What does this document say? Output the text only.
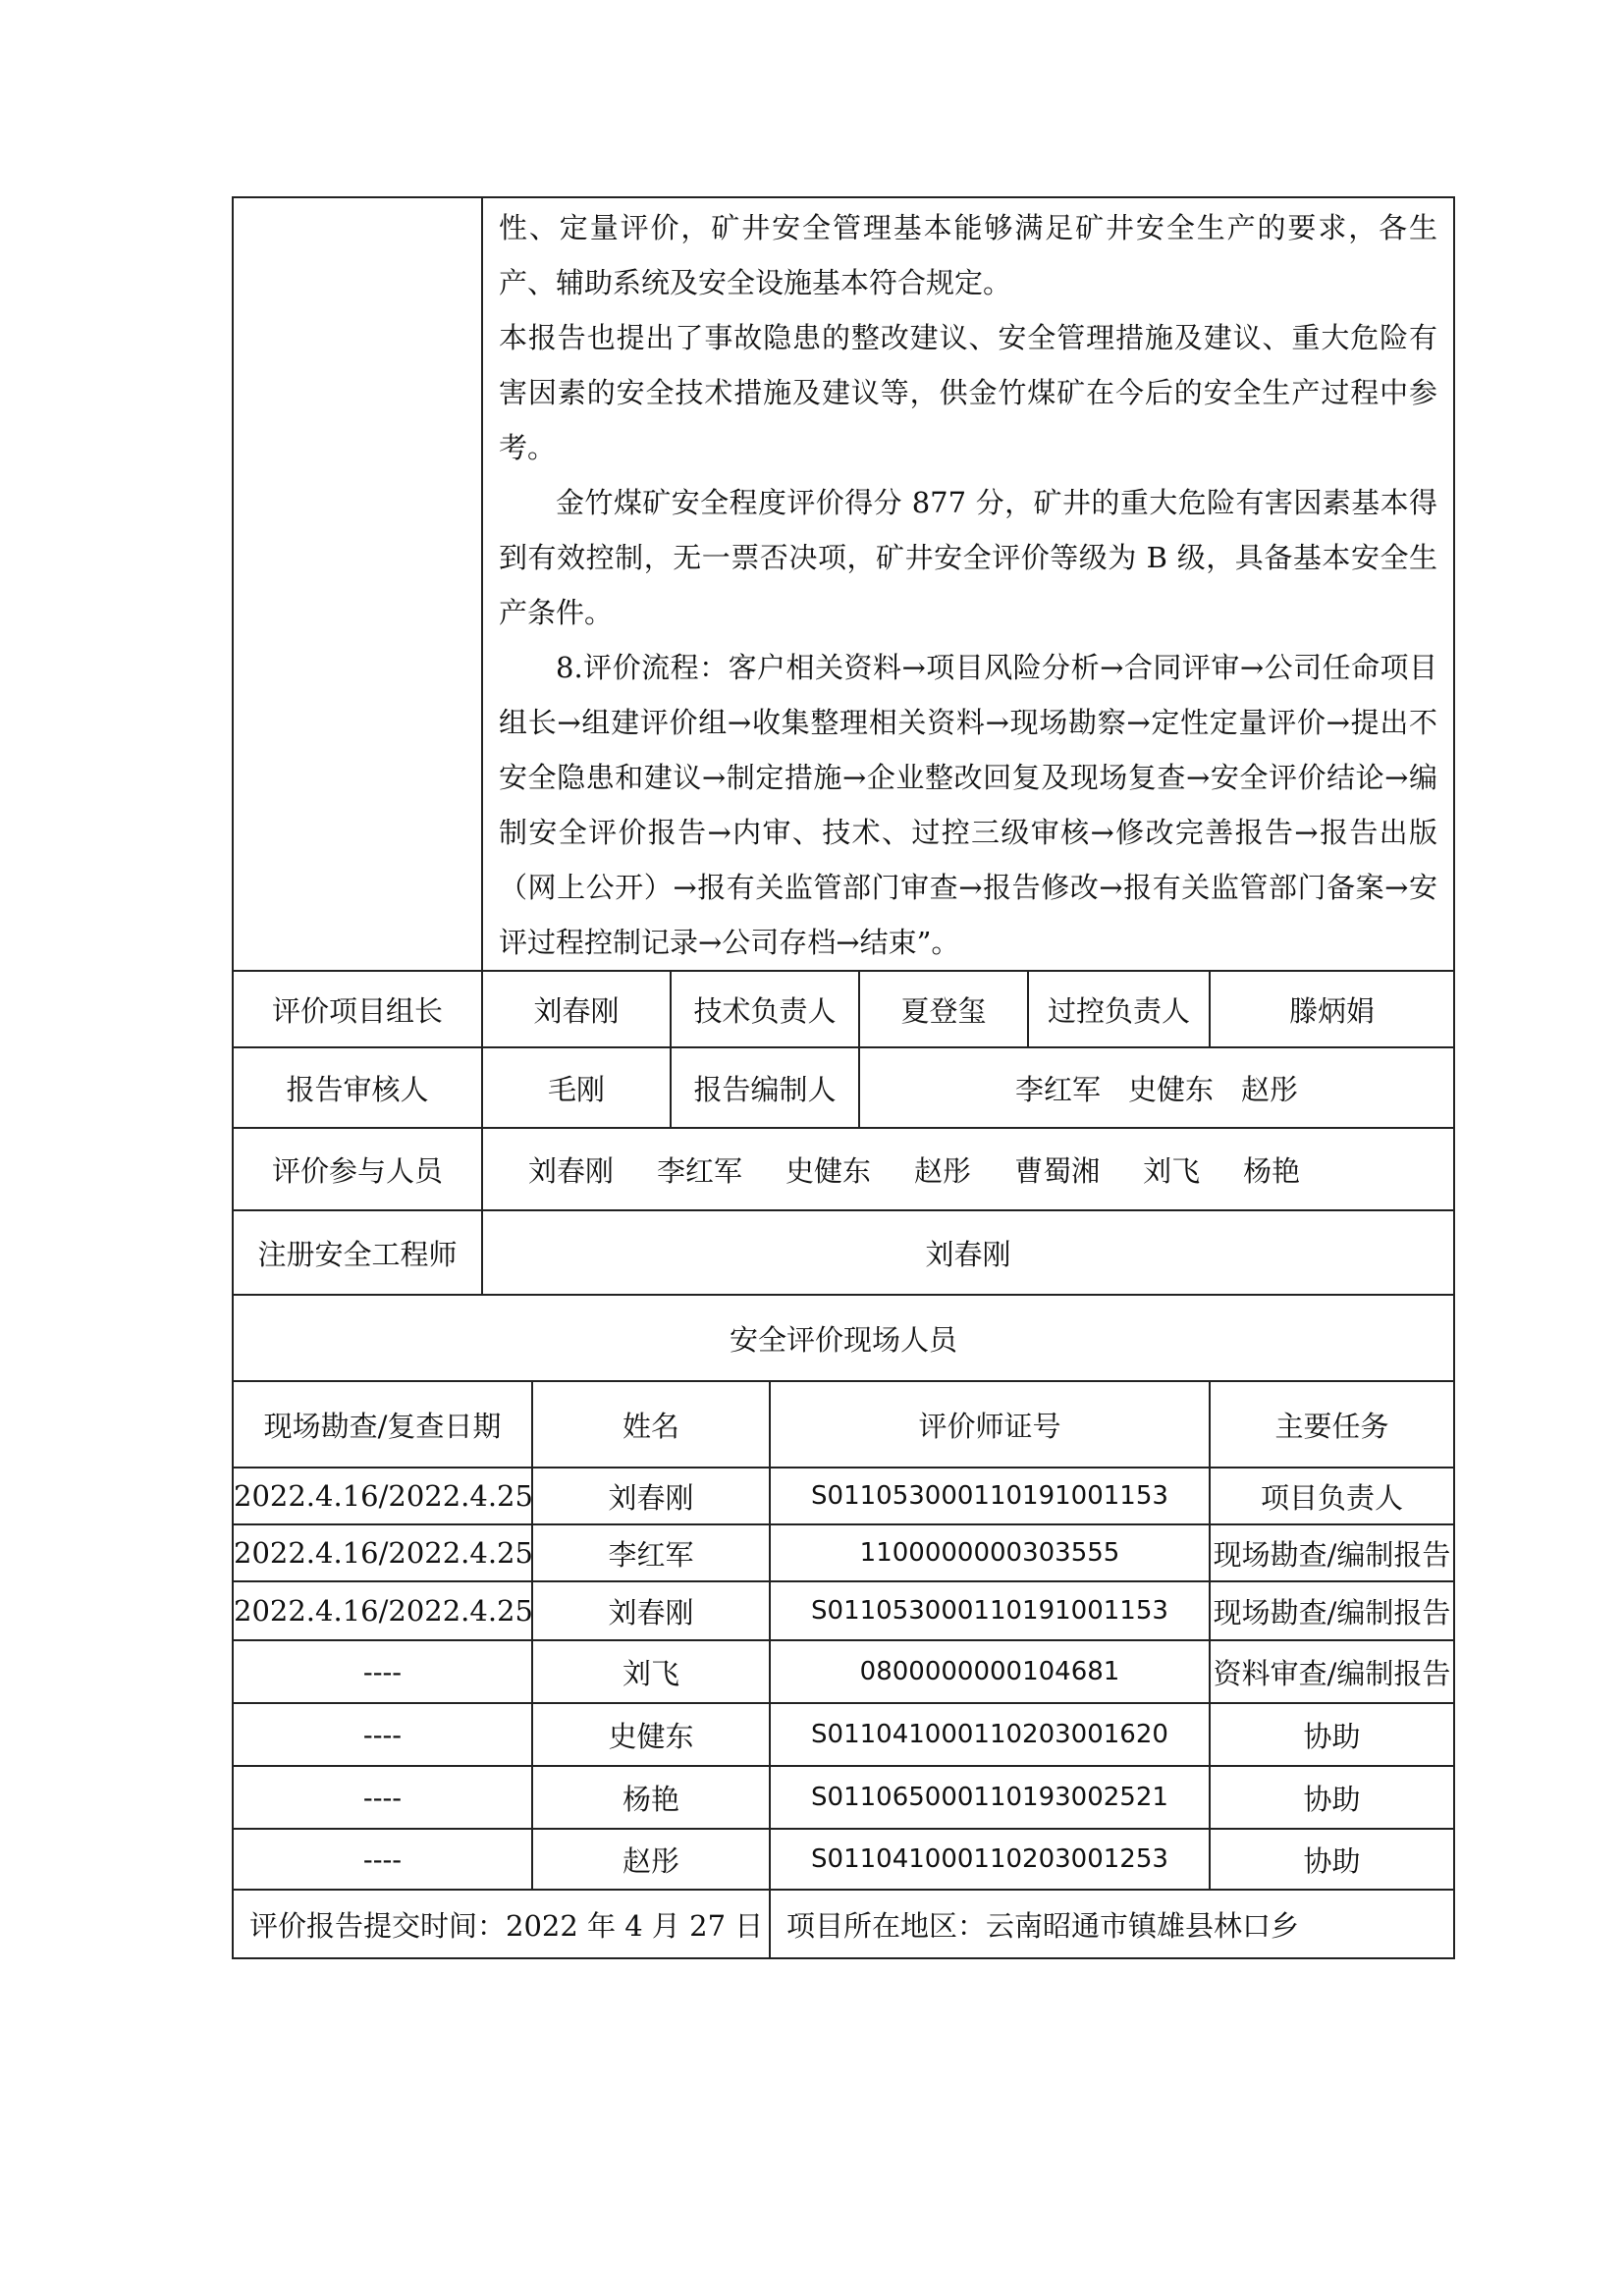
	性、定量评价，矿井安全管理基本能够满足矿井安全生产的要求，各生产、辅助系统及安全设施基本符合规定。

本报告也提出了事故隐患的整改建议、安全管理措施及建议、重大危险有害因素的安全技术措施及建议等，供金竹煤矿在今后的安全生产过程中参考。

金竹煤矿安全程度评价得分 877 分，矿井的重大危险有害因素基本得到有效控制，无一票否决项，矿井安全评价等级为 B 级，具备基本安全生产条件。

8.评价流程：客户相关资料→项目风险分析→合同评审→公司任命项目组长→组建评价组→收集整理相关资料→现场勘察→定性定量评价→提出不安全隐患和建议→制定措施→企业整改回复及现场复查→安全评价结论→编制安全评价报告→内审、技术、过控三级审核→修改完善报告→报告出版（网上公开）→报有关监管部门审查→报告修改→报有关监管部门备案→安评过程控制记录→公司存档→结束”。						

评价项目组长	刘春刚		技术负责人		夏登玺	过控负责人	滕炳娟
报告审核人	毛刚		报告编制人		李红军 史健东 赵彤		
评价参与人员	刘春刚 李红军 史健东 赵彤 曹蜀湘 刘飞 杨艳						
注册安全工程师	刘春刚						
安全评价现场人员							
现场勘查/复查日期		姓名		评价师证号			主要任务
2022.4.16/2022.4.25		刘春刚		S011053000110191001153			项目负责人
2022.4.16/2022.4.25		李红军		1100000000303555			现场勘查/编制报告
2022.4.16/2022.4.25		刘春刚		S011053000110191001153			现场勘查/编制报告
----		刘飞		0800000000104681			资料审查/编制报告
----		史健东		S011041000110203001620			协助
----		杨艳		S011065000110193002521			协助
----		赵彤		S011041000110203001253			协助
评价报告提交时间：2022 年 4 月 27 日				项目所在地区：云南昭通市镇雄县林口乡			
